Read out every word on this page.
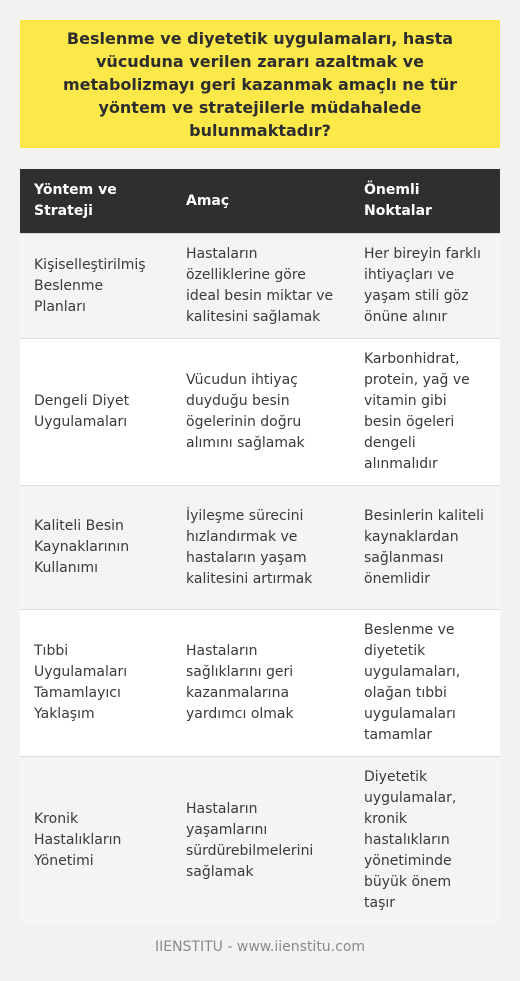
Beslenme ve diyetetik uygulamaları, hasta vücuduna verilen zararı azaltmak ve metabolizmayı geri kazanmak amaçlı ne tür yöntem ve stratejilerle müdahalede bulunmaktadır?
Yöntem ve Strateji	Amaç	Önemli Noktalar
Kişiselleştirilmiş Beslenme Planları	Hastaların özelliklerine göre ideal besin miktar ve kalitesini sağlamak	Her bireyin farklı ihtiyaçları ve yaşam stili göz önüne alınır
Dengeli Diyet Uygulamaları	Vücudun ihtiyaç duyduğu besin ögelerinin doğru alımını sağlamak	Karbonhidrat, protein, yağ ve vitamin gibi besin ögeleri dengeli alınmalıdır
Kaliteli Besin Kaynaklarının Kullanımı	İyileşme sürecini hızlandırmak ve hastaların yaşam kalitesini artırmak	Besinlerin kaliteli kaynaklardan sağlanması önemlidir
Tıbbi Uygulamaları Tamamlayıcı Yaklaşım	Hastaların sağlıklarını geri kazanmalarına yardımcı olmak	Beslenme ve diyetetik uygulamaları, olağan tıbbi uygulamaları tamamlar
Kronik Hastalıkların Yönetimi	Hastaların yaşamlarını sürdürebilmelerini sağlamak	Diyetetik uygulamalar, kronik hastalıkların yönetiminde büyük önem taşır
IIENSTITU - www.iienstitu.com
